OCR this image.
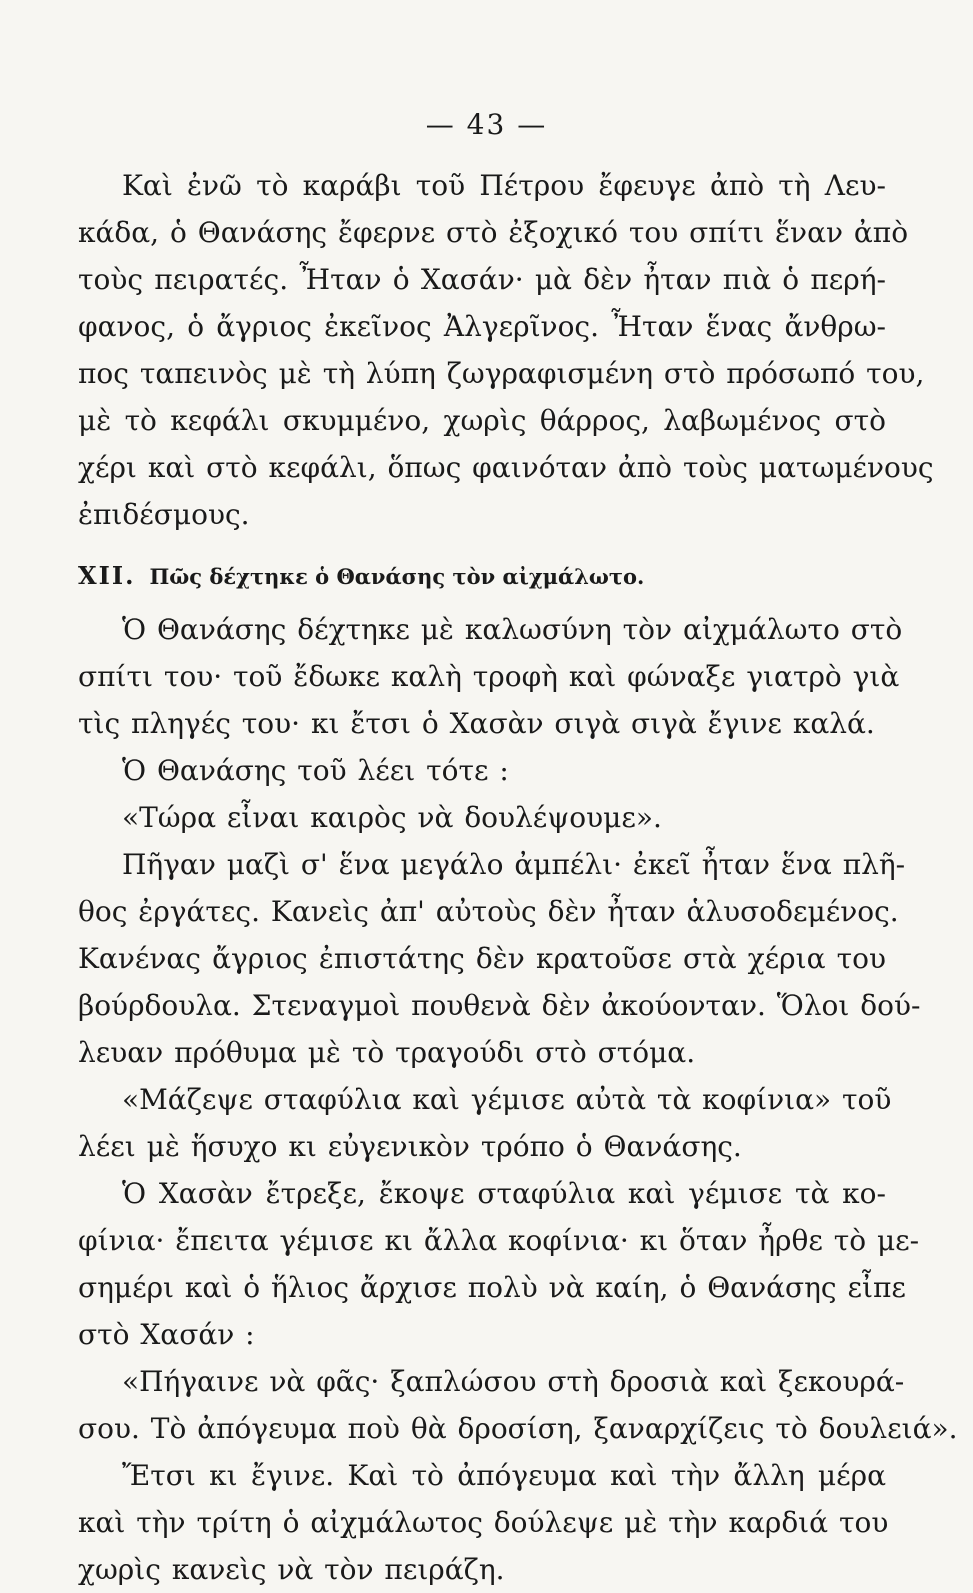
— 43 —
Καὶ ἐνῶ τὸ καράβι τοῦ Πέτρου ἔφευγε ἀπὸ τὴ Λευ-
κάδα, ὁ Θανάσης ἔφερνε στὸ ἐξοχικό του σπίτι ἕναν ἀπὸ
τοὺς πειρατές. Ἦταν ὁ Χασάν· μὰ δὲν ἦταν πιὰ ὁ περή-
φανος, ὁ ἄγριος ἐκεῖνος Ἀλγερῖνος. Ἦταν ἕνας ἄνθρω-
πος ταπεινὸς μὲ τὴ λύπη ζωγραφισμένη στὸ πρόσωπό του,
μὲ τὸ κεφάλι σκυμμένο, χωρὶς θάρρος, λαβωμένος στὸ
χέρι καὶ στὸ κεφάλι, ὅπως φαινόταν ἀπὸ τοὺς ματωμένους
ἐπιδέσμους.
XII. Πῶς δέχτηκε ὁ Θανάσης τὸν αἰχμάλωτο.
Ὁ Θανάσης δέχτηκε μὲ καλωσύνη τὸν αἰχμάλωτο στὸ
σπίτι του· τοῦ ἔδωκε καλὴ τροφὴ καὶ φώναξε γιατρὸ γιὰ
τὶς πληγές του· κι ἔτσι ὁ Χασὰν σιγὰ σιγὰ ἔγινε καλά.
Ὁ Θανάσης τοῦ λέει τότε :
«Τώρα εἶναι καιρὸς νὰ δουλέψουμε».
Πῆγαν μαζὶ σ' ἕνα μεγάλο ἀμπέλι· ἐκεῖ ἦταν ἕνα πλῆ-
θος ἐργάτες. Κανεὶς ἀπ' αὐτοὺς δὲν ἦταν ἁλυσοδεμένος.
Κανένας ἄγριος ἐπιστάτης δὲν κρατοῦσε στὰ χέρια του
βούρδουλα. Στεναγμοὶ πουθενὰ δὲν ἀκούονταν. Ὅλοι δού-
λευαν πρόθυμα μὲ τὸ τραγούδι στὸ στόμα.
«Μάζεψε σταφύλια καὶ γέμισε αὐτὰ τὰ κοφίνια» τοῦ
λέει μὲ ἥσυχο κι εὐγενικὸν τρόπο ὁ Θανάσης.
Ὁ Χασὰν ἔτρεξε, ἔκοψε σταφύλια καὶ γέμισε τὰ κο-
φίνια· ἔπειτα γέμισε κι ἄλλα κοφίνια· κι ὅταν ἦρθε τὸ με-
σημέρι καὶ ὁ ἥλιος ἄρχισε πολὺ νὰ καίη, ὁ Θανάσης εἶπε
στὸ Χασάν :
«Πήγαινε νὰ φᾶς· ξαπλώσου στὴ δροσιὰ καὶ ξεκουρά-
σου. Τὸ ἀπόγευμα ποὺ θὰ δροσίση, ξαναρχίζεις τὸ δουλειά».
Ἔτσι κι ἔγινε. Καὶ τὸ ἀπόγευμα καὶ τὴν ἄλλη μέρα
καὶ τὴν τρίτη ὁ αἰχμάλωτος δούλεψε μὲ τὴν καρδιά του
χωρὶς κανεὶς νὰ τὸν πειράζη.
